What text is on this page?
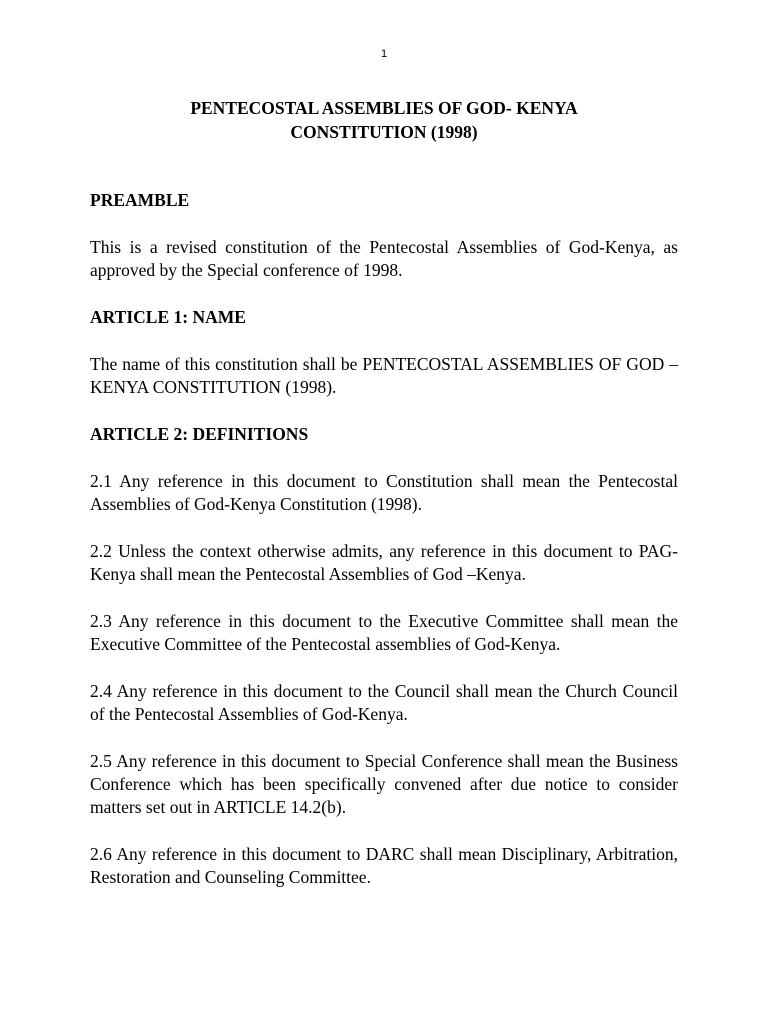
1
PENTECOSTAL ASSEMBLIES OF GOD- KENYA
CONSTITUTION (1998)
PREAMBLE

This is a revised constitution of the Pentecostal Assemblies of God-Kenya, as approved by the Special conference of 1998.

ARTICLE 1: NAME

The name of this constitution shall be PENTECOSTAL ASSEMBLIES OF GOD –KENYA CONSTITUTION (1998).

ARTICLE 2: DEFINITIONS

2.1 Any reference in this document to Constitution shall mean the Pentecostal Assemblies of God-Kenya Constitution (1998).

2.2 Unless the context otherwise admits, any reference in this document to PAG-Kenya shall mean the Pentecostal Assemblies of God –Kenya.

2.3 Any reference in this document to the Executive Committee shall mean the Executive Committee of the Pentecostal assemblies of God-Kenya.

2.4 Any reference in this document to the Council shall mean the Church Council of the Pentecostal Assemblies of God-Kenya.

2.5 Any reference in this document to Special Conference shall mean the Business Conference which has been specifically convened after due notice to consider matters set out in ARTICLE 14.2(b).

2.6 Any reference in this document to DARC shall mean Disciplinary, Arbitration, Restoration and Counseling Committee.
